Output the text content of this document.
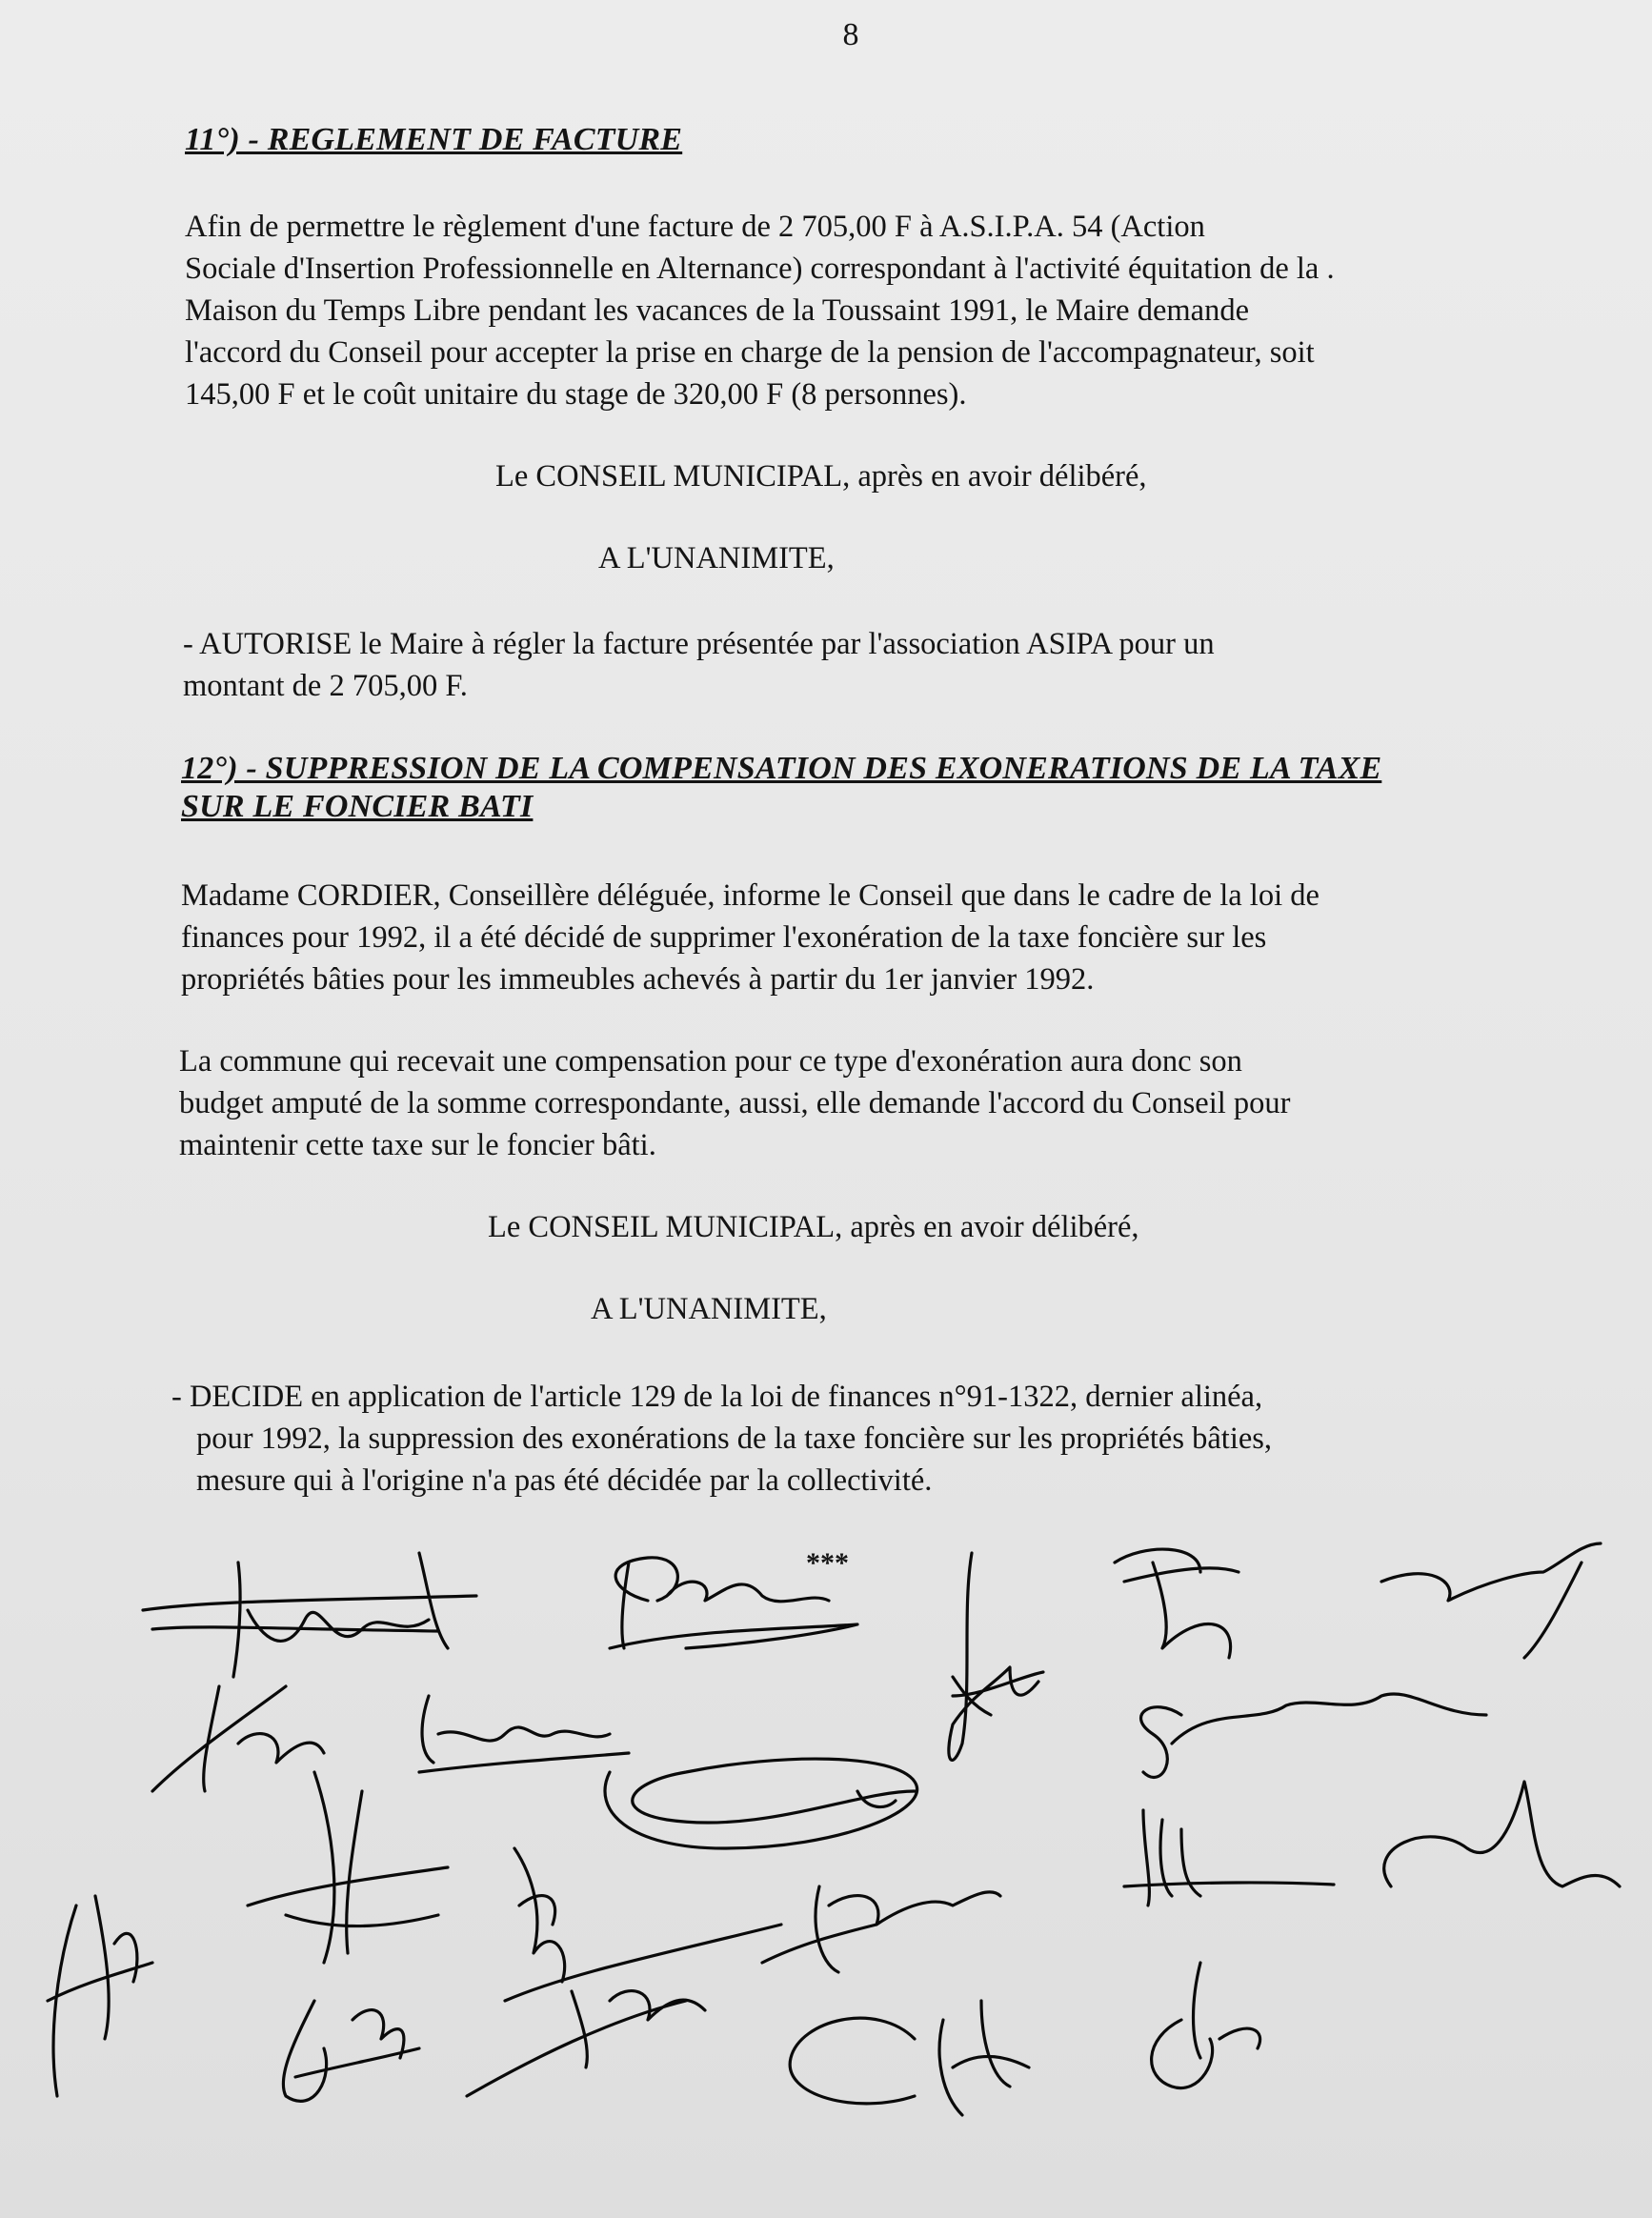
8
11°) - REGLEMENT DE FACTURE

Afin de permettre le règlement d'une facture de 2 705,00 F à A.S.I.P.A. 54 (Action
Sociale d'Insertion Professionnelle en Alternance) correspondant à l'activité équitation de la .
Maison du Temps Libre pendant les vacances de la Toussaint 1991, le Maire demande
l'accord du Conseil pour accepter la prise en charge de la pension de l'accompagnateur, soit
145,00 F et le coût unitaire du stage de 320,00 F (8 personnes).

Le CONSEIL MUNICIPAL, après en avoir délibéré,
A L'UNANIMITE,

- AUTORISE le Maire à régler la facture présentée par l'association ASIPA pour un
montant de 2 705,00 F.

12°) - SUPPRESSION DE LA COMPENSATION DES EXONERATIONS DE LA TAXE
SUR LE FONCIER BATI

Madame CORDIER, Conseillère déléguée, informe le Conseil que dans le cadre de la loi de
finances pour 1992, il a été décidé de supprimer l'exonération de la taxe foncière sur les
propriétés bâties pour les immeubles achevés à partir du 1er janvier 1992.

La commune qui recevait une compensation pour ce type d'exonération aura donc son
budget amputé de la somme correspondante, aussi, elle demande l'accord du Conseil pour
maintenir cette taxe sur le foncier bâti.

Le CONSEIL MUNICIPAL, après en avoir délibéré,
A L'UNANIMITE,

- DECIDE en application de l'article 129 de la loi de finances n°91-1322, dernier alinéa,
pour 1992, la suppression des exonérations de la taxe foncière sur les propriétés bâties,
mesure qui à l'origine n'a pas été décidée par la collectivité.

***
